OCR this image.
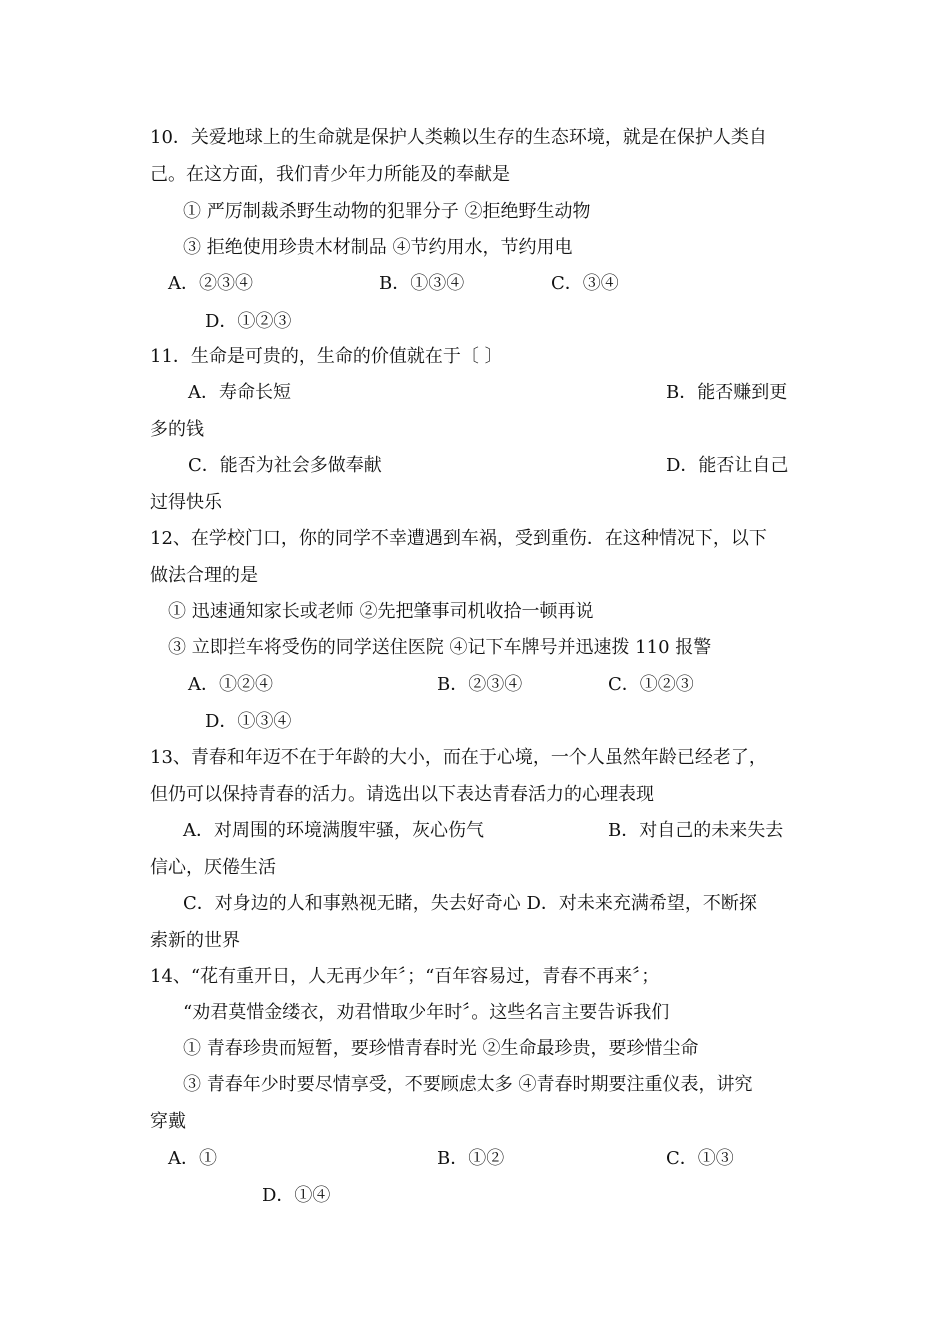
10．关爱地球上的生命就是保护人类赖以生存的生态环境，就是在保护人类自
己。在这方面，我们青少年力所能及的奉献是
① 严厉制裁杀野生动物的犯罪分子 ②拒绝野生动物
③ 拒绝使用珍贵木材制品 ④节约用水，节约用电
A．②③④	B．①③④	C．③④
D．①②③
11．生命是可贵的，生命的价值就在于〔 〕
A．寿命长短	B．能否赚到更
多的钱
C．能否为社会多做奉献	D．能否让自己
过得快乐
12、在学校门口，你的同学不幸遭遇到车祸，受到重伤．在这种情况下，以下
做法合理的是
① 迅速通知家长或老师 ②先把肇事司机收拾一顿再说
③ 立即拦车将受伤的同学送住医院 ④记下车牌号并迅速拨 110 报警
A．①②④	B．②③④	C．①②③
D．①③④
13、青春和年迈不在于年龄的大小，而在于心境，一个人虽然年龄已经老了，
但仍可以保持青春的活力。请选出以下表达青春活力的心理表现
A．对周围的环境满腹牢骚，灰心伤气	B．对自己的未来失去
信心，厌倦生活
C．对身边的人和事熟视无睹，失去好奇心 D．对未来充满希望，不断探
索新的世界
14、“花有重开日，人无再少年〞；“百年容易过，青春不再来〞；
“劝君莫惜金缕衣，劝君惜取少年时〞。这些名言主要告诉我们
① 青春珍贵而短暂，要珍惜青春时光 ②生命最珍贵，要珍惜尘命
③ 青春年少时要尽情享受，不要顾虑太多 ④青春时期要注重仪表，讲究
穿戴
A．①	B．①②	C．①③
D．①④
